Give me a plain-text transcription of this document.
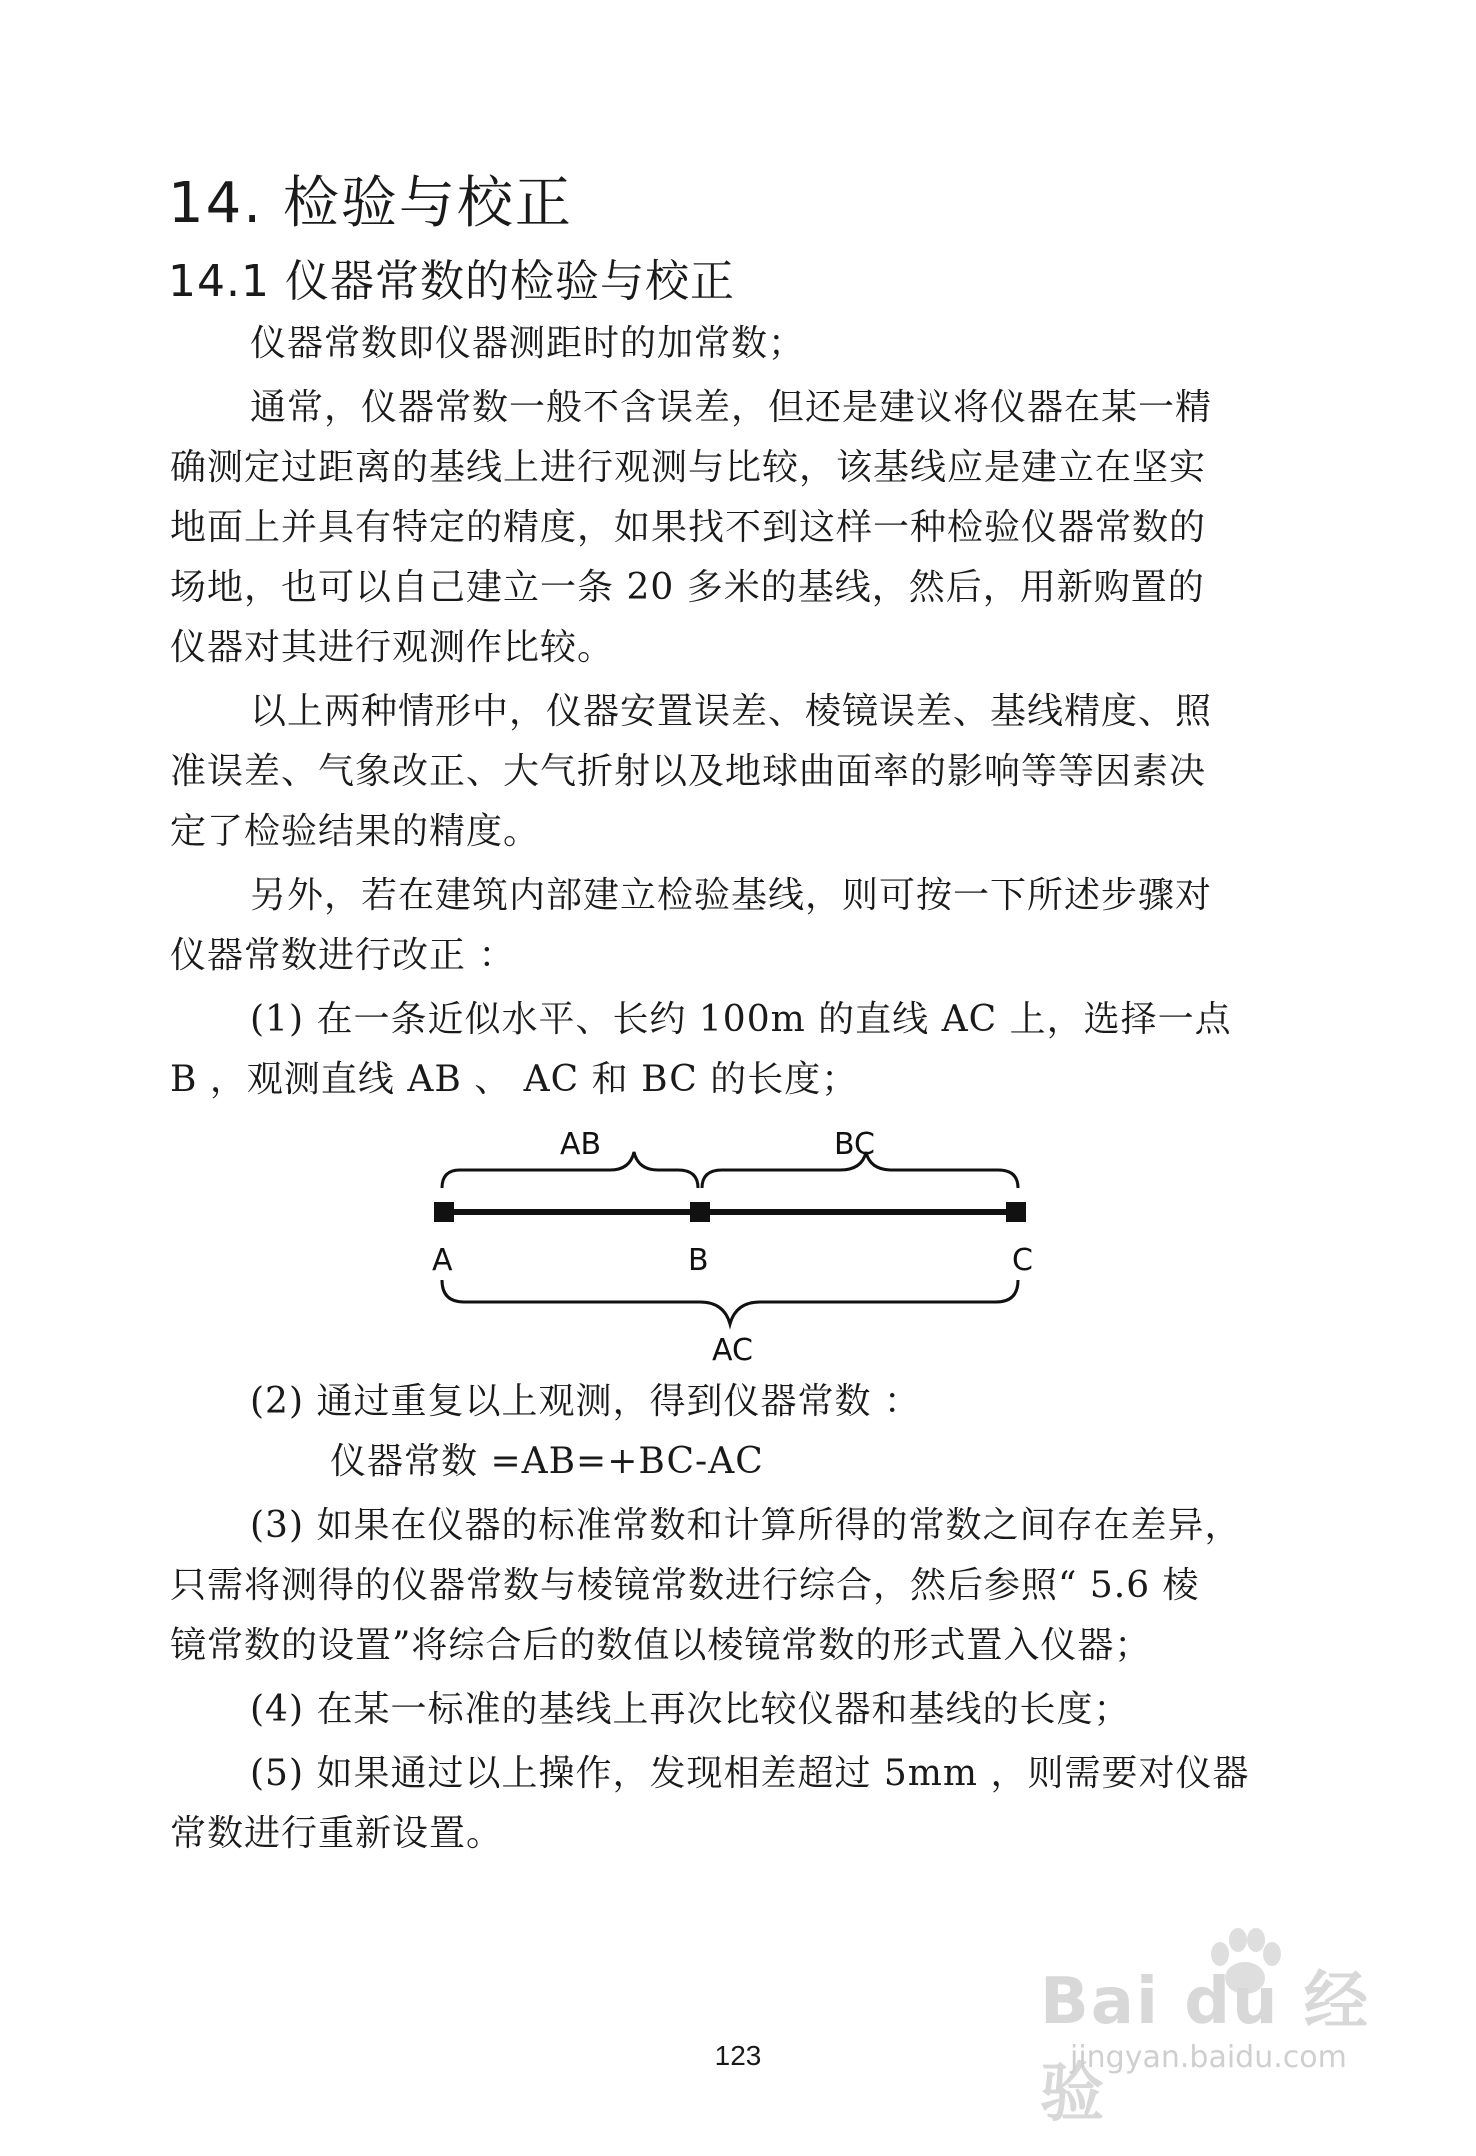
14. 检验与校正
14.1 仪器常数的检验与校正
仪器常数即仪器测距时的加常数；
通常，仪器常数一般不含误差，但还是建议将仪器在某一精
确测定过距离的基线上进行观测与比较，该基线应是建立在坚实
地面上并具有特定的精度，如果找不到这样一种检验仪器常数的
场地，也可以自己建立一条 20 多米的基线，然后，用新购置的
仪器对其进行观测作比较。
以上两种情形中，仪器安置误差、棱镜误差、基线精度、照
准误差、气象改正、大气折射以及地球曲面率的影响等等因素决
定了检验结果的精度。
另外，若在建筑内部建立检验基线，则可按一下所述步骤对
仪器常数进行改正 ：
(1) 在一条近似水平、长约 100m 的直线 AC 上，选择一点
B ，观测直线 AB 、 AC 和 BC 的长度；
AB	BC
A	B	C
AC
(2) 通过重复以上观测，得到仪器常数 ：
仪器常数 =AB=+BC-AC
(3) 如果在仪器的标准常数和计算所得的常数之间存在差异，
只需将测得的仪器常数与棱镜常数进行综合，然后参照“ 5.6 棱
镜常数的设置”将综合后的数值以棱镜常数的形式置入仪器；
(4) 在某一标准的基线上再次比较仪器和基线的长度；
(5) 如果通过以上操作，发现相差超过 5mm ，则需要对仪器
常数进行重新设置。
Bai du 经验
jingyan.baidu.com
123
